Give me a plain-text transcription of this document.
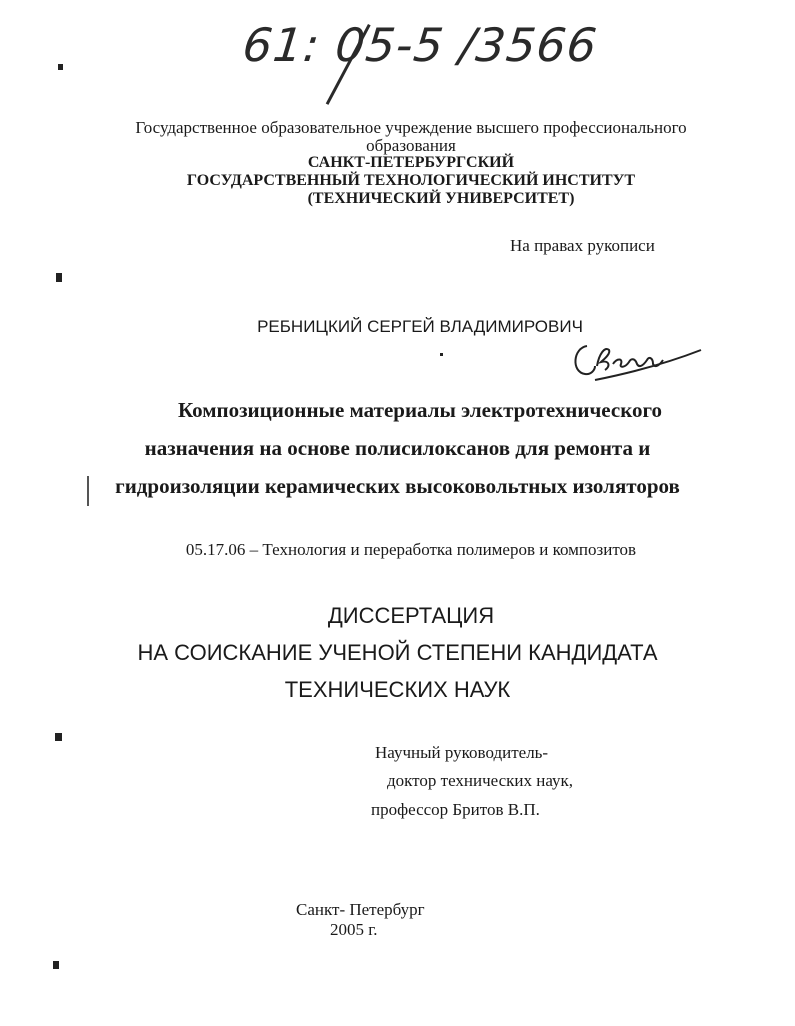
61: 05-5 /3566
Государственное образовательное учреждение высшего профессионального
образования
САНКТ-ПЕТЕРБУРГСКИЙ
ГОСУДАРСТВЕННЫЙ ТЕХНОЛОГИЧЕСКИЙ ИНСТИТУТ
(ТЕХНИЧЕСКИЙ УНИВЕРСИТЕТ)
На правах рукописи
РЕБНИЦКИЙ СЕРГЕЙ ВЛАДИМИРОВИЧ
Композиционные материалы электротехнического
назначения на основе полисилоксанов для ремонта и
гидроизоляции керамических высоковольтных изоляторов
05.17.06 – Технология и переработка полимеров и композитов
ДИССЕРТАЦИЯ
НА СОИСКАНИЕ УЧЕНОЙ СТЕПЕНИ КАНДИДАТА
ТЕХНИЧЕСКИХ НАУК
Научный руководитель-
доктор технических наук,
профессор Бритов В.П.
Санкт- Петербург
2005 г.
